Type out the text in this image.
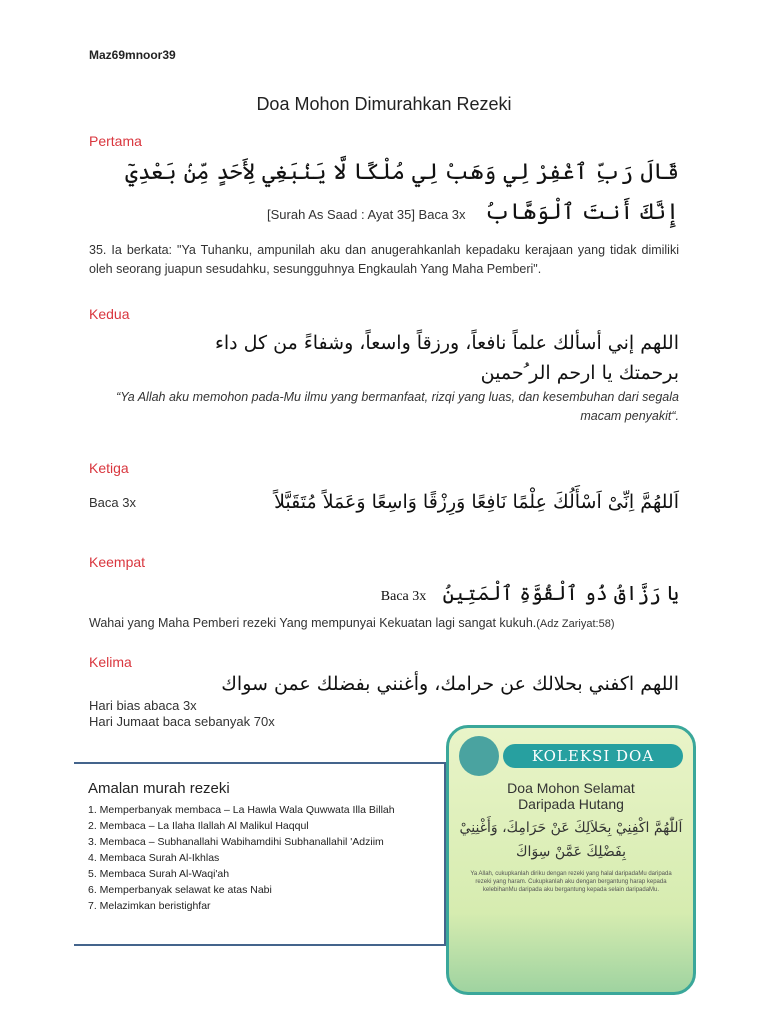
Maz69mnoor39
Doa Mohon Dimurahkan Rezeki
Pertama
قَالَ رَبِّ ٱغْفِرْ لِي وَهَبْ لِي مُلْكًا لَّا يَنۢبَغِي لِأَحَدٍ مِّنۢ بَعْدِيٓ إِنَّكَ أَنتَ ٱلْوَهَّابُ [Surah As Saad : Ayat 35] Baca 3x
35. Ia berkata: "Ya Tuhanku, ampunilah aku dan anugerahkanlah kepadaku kerajaan yang tidak dimiliki oleh seorang juapun sesudahku, sesungguhnya Engkaulah Yang Maha Pemberi".
Kedua
اللهم إني أسألك علماً نافعاً، ورزقاً واسعاً، وشفاءً من كل داء
برحمتك يا ارحم الر ُحمين
“Ya Allah aku memohon pada-Mu ilmu yang bermanfaat, rizqi yang luas, dan kesembuhan dari segala macam penyakit“.
Ketiga
Baca 3x	اَللهُمَّ اِنِّىْ اَسْأَلُكَ عِلْمًا نَافِعًا وَرِزْقًا وَاسِعًا وَعَمَلاً مُتَقَبَّلاً
Keempat
يا رَزَّاقُ ذُو ٱلْقُوَّةِ ٱلْمَتِينُ Baca 3x
Wahai yang Maha Pemberi rezeki Yang mempunyai Kekuatan lagi sangat kukuh.(Adz Zariyat:58)
Kelima
اللهم اكفني بحلالك عن حرامك، وأغنني بفضلك عمن سواك
Hari bias abaca 3x
Hari Jumaat baca sebanyak 70x
Amalan murah rezeki
1. Memperbanyak membaca – La Hawla Wala Quwwata Illa Billah
2. Membaca – La Ilaha Ilallah Al Malikul Haqqul
3. Membaca – Subhanallahi Wabihamdihi Subhanallahil 'Adziim
4. Membaca Surah Al-Ikhlas
5. Membaca Surah Al-Waqi'ah
6. Memperbanyak selawat ke atas Nabi
7. Melazimkan beristighfar
KOLEKSI DOA
Doa Mohon Selamat
Daripada Hutang
اَللّٰهُمَّ اكْفِنِيْ بِحَلاَلِكَ عَنْ حَرَامِكَ، وَأَغْنِنِيْ بِفَضْلِكَ عَمَّنْ سِوَاكَ
Ya Allah, cukupkanlah diriku dengan rezeki yang halal daripadaMu daripada rezeki yang haram. Cukupkanlah aku dengan bergantung harap kepada kelebihanMu daripada aku bergantung kepada selain daripadaMu.
